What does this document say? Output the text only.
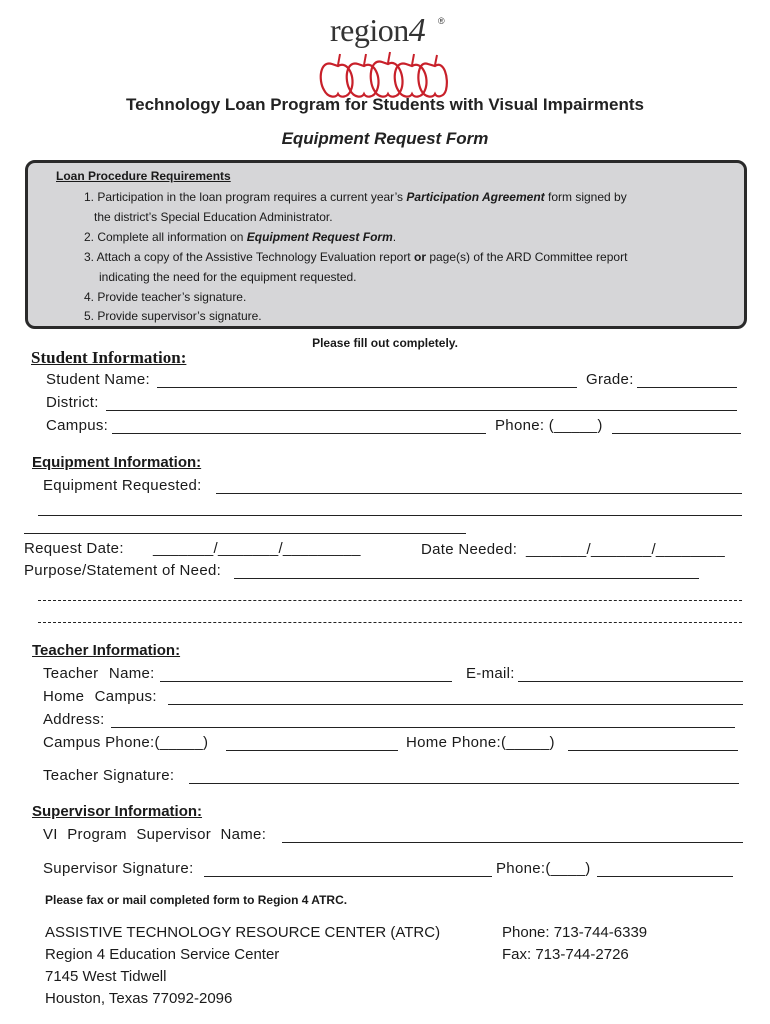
region4 ®
Technology Loan Program for Students with Visual Impairments
Equipment Request Form
Loan Procedure Requirements
1. Participation in the loan program requires a current year’s Participation Agreement form signed by
the district’s Special Education Administrator.
2. Complete all information on Equipment Request Form.
3. Attach a copy of the Assistive Technology Evaluation report or page(s) of the ARD Committee report
indicating the need for the equipment requested.
4. Provide teacher’s signature.
5. Provide supervisor’s signature.
Please fill out completely.
Student Information:
Student Name:	Grade:
District:
Campus:	Phone: (_____)
Equipment Information:
Equipment Requested:
Request Date: _______/_______/_________	Date Needed: _______/_______/________
Purpose/Statement of Need:
Teacher Information:
Teacher Name:	E-mail:
Home Campus:
Address:
Campus Phone:(_____)	Home Phone:(_____)
Teacher Signature:
Supervisor Information:
VI Program Supervisor Name:
Supervisor Signature:	Phone:(____)
Please fax or mail completed form to Region 4 ATRC.
ASSISTIVE TECHNOLOGY RESOURCE CENTER (ATRC)
Region 4 Education Service Center
7145 West Tidwell
Houston, Texas 77092-2096
Phone: 713-744-6339
Fax: 713-744-2726
